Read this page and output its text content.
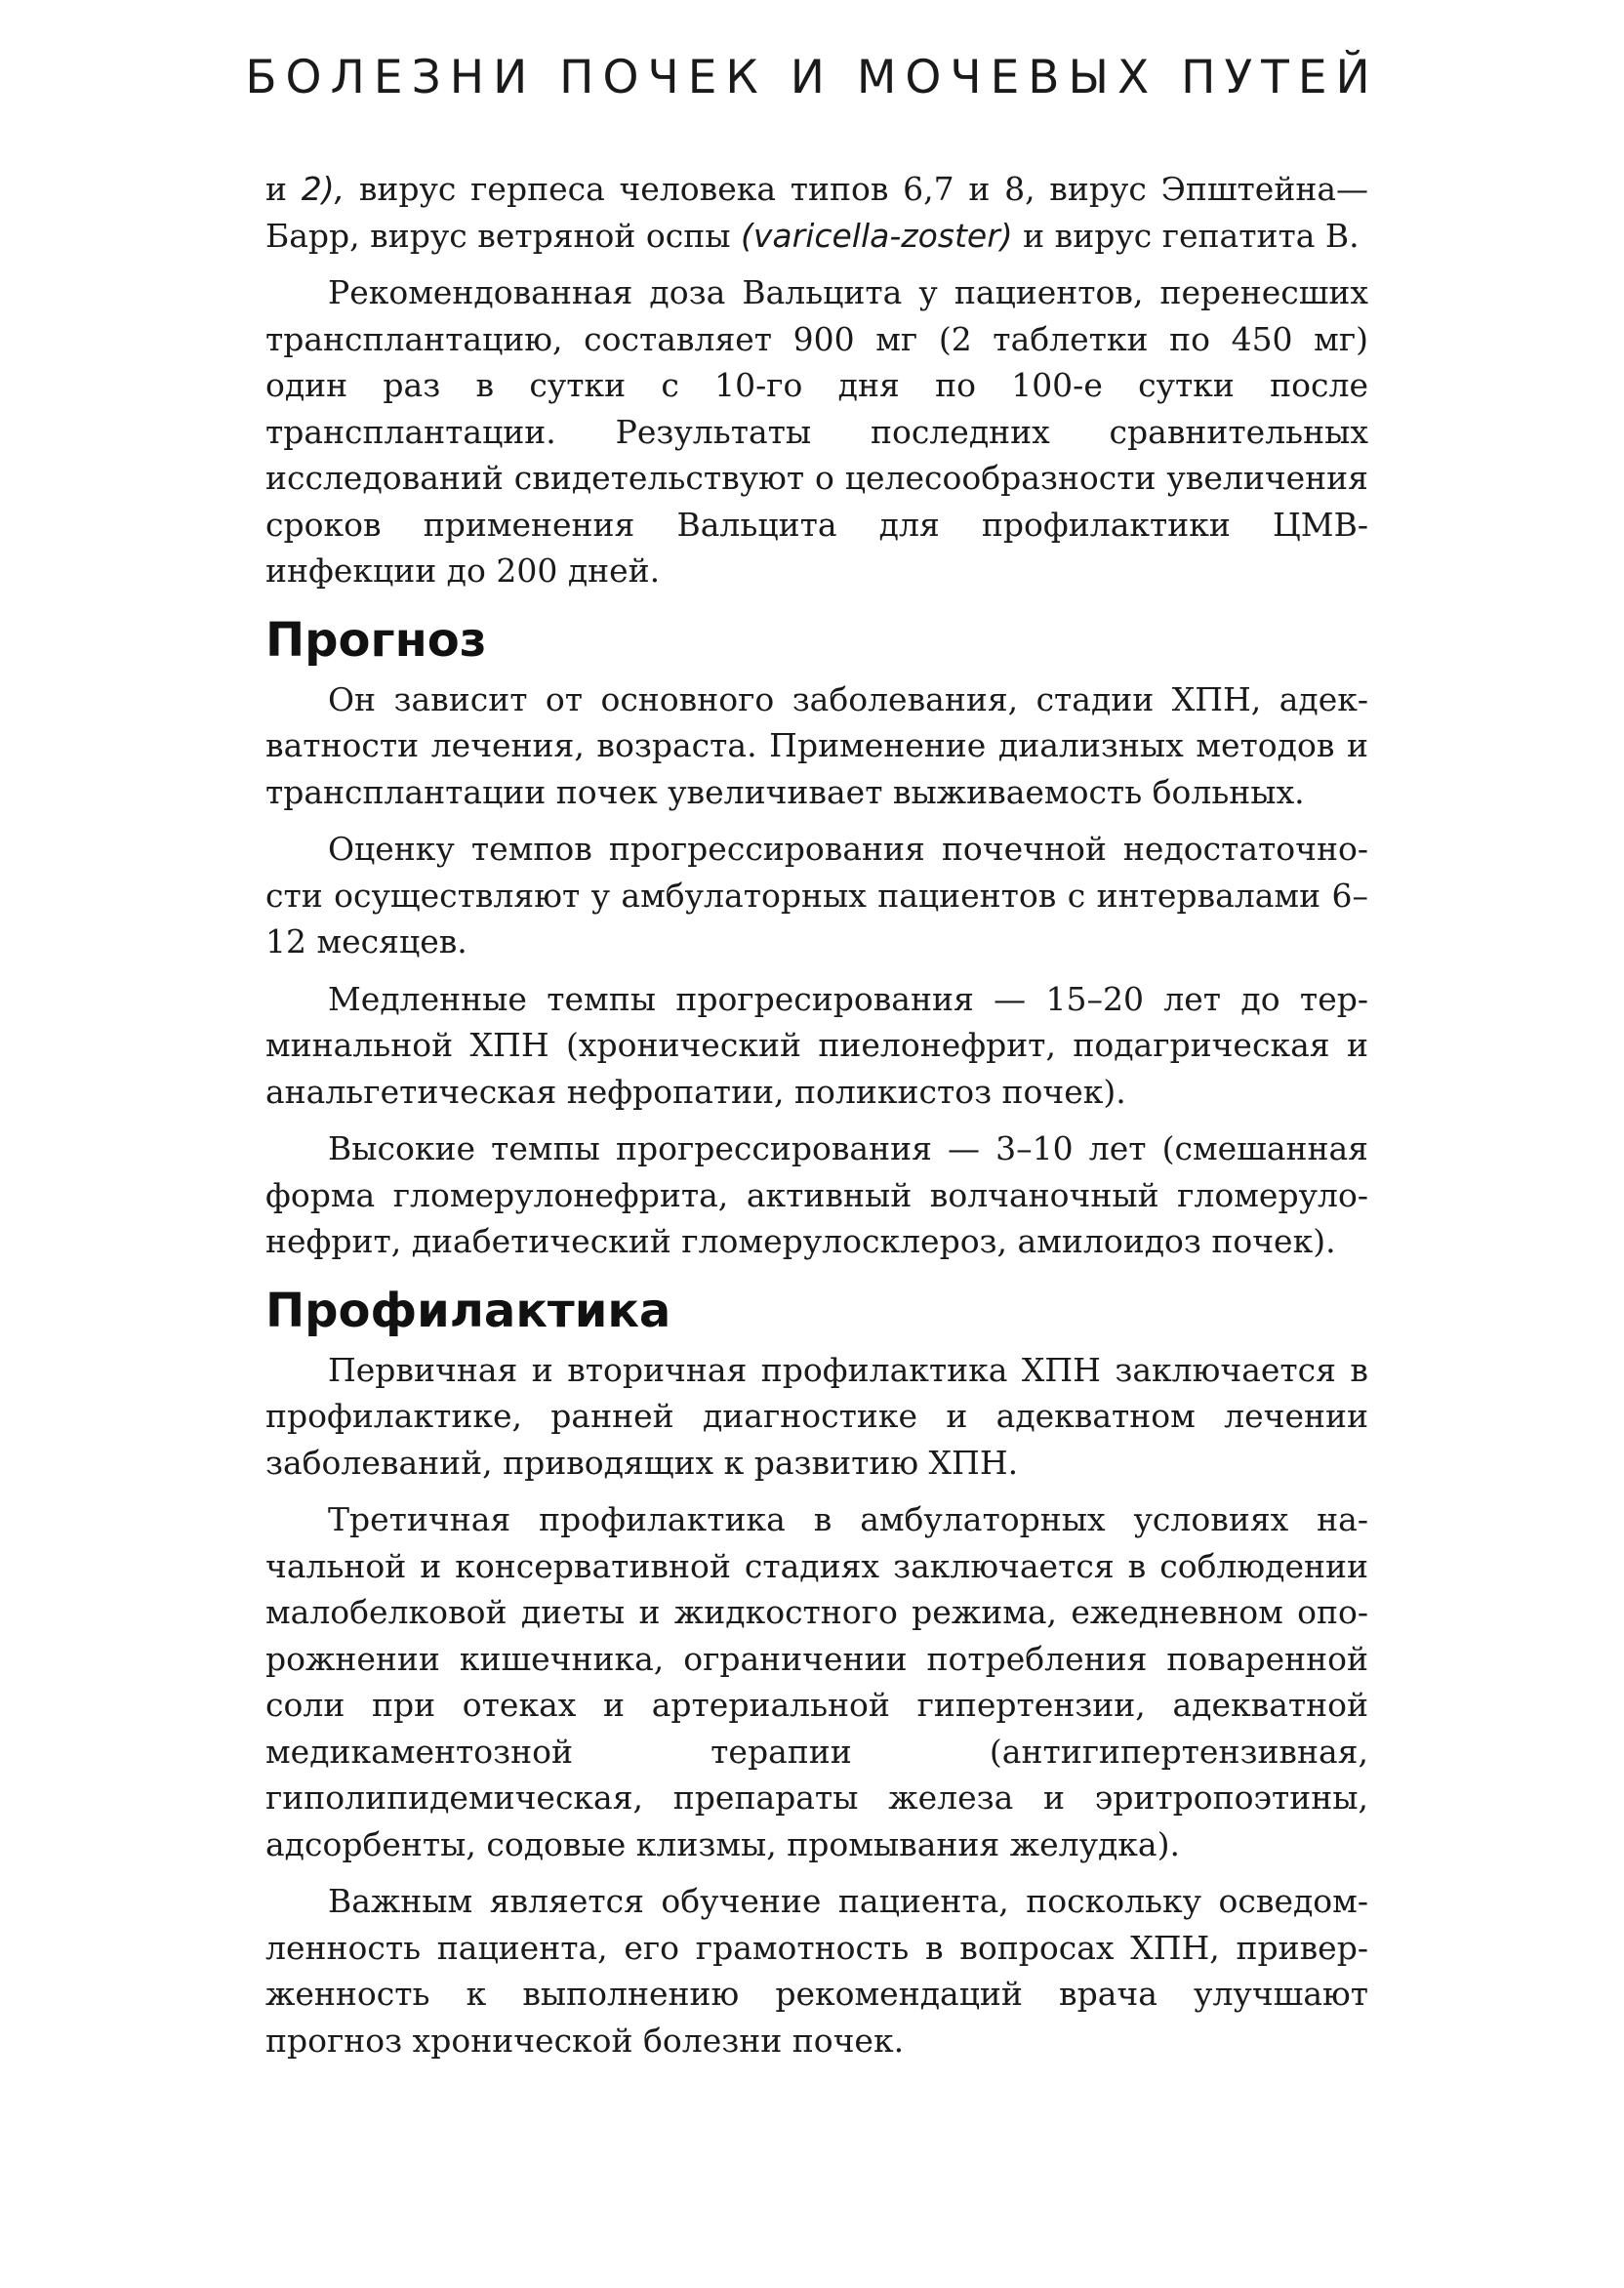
БОЛЕЗНИ ПОЧЕК И МОЧЕВЫХ ПУТЕЙ

и 2), вирус герпеса человека типов 6,7 и 8, вирус Эпштейна—Барр, вирус ветряной оспы (varicella-zoster) и вирус гепатита В.

Рекомендованная доза Вальцита у пациентов, перенесших трансплантацию, составляет 900 мг (2 таблетки по 450 мг) один раз в сутки с 10-го дня по 100-е сутки после трансплантации. Результаты последних сравнительных исследований свидетельствуют о целесообразности увеличения сроков применения Вальцита для профилактики ЦМВ-инфекции до 200 дней.

Прогноз

Он зависит от основного заболевания, стадии ХПН, адекватности лечения, возраста. Применение диализных методов и трансплантации почек увеличивает выживаемость больных.

Оценку темпов прогрессирования почечной недостаточности осуществляют у амбулаторных пациентов с интервалами 6–12 месяцев.

Медленные темпы прогресирования — 15–20 лет до терминальной ХПН (хронический пиелонефрит, подагрическая и анальгетическая нефропатии, поликистоз почек).

Высокие темпы прогрессирования — 3–10 лет (смешанная форма гломерулонефрита, активный волчаночный гломерулонефрит, диабетический гломерулосклероз, амилоидоз почек).

Профилактика

Первичная и вторичная профилактика ХПН заключается в профилактике, ранней диагностике и адекватном лечении заболеваний, приводящих к развитию ХПН.

Третичная профилактика в амбулаторных условиях начальной и консервативной стадиях заключается в соблюдении малобелковой диеты и жидкостного режима, ежедневном опорожнении кишечника, ограничении потребления поваренной соли при отеках и артериальной гипертензии, адекватной медикаментозной терапии (антигипертензивная, гиполипидемическая, препараты железа и эритропоэтины, адсорбенты, содовые клизмы, промывания желудка).

Важным является обучение пациента, поскольку осведомленность пациента, его грамотность в вопросах ХПН, приверженность к выполнению рекомендаций врача улучшают прогноз хронической болезни почек.
